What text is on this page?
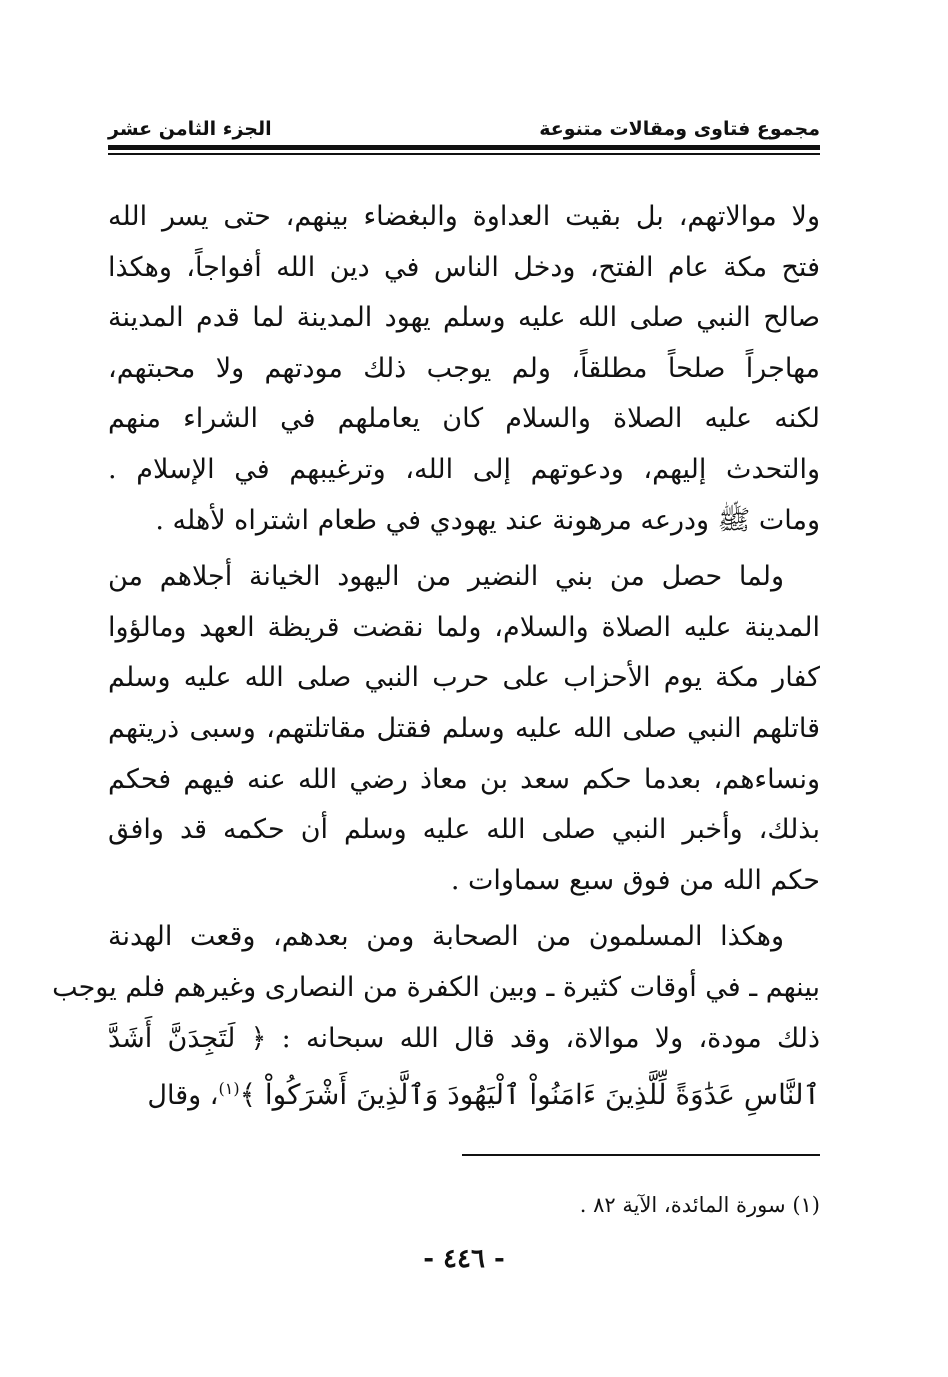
مجموع فتاوى ومقالات متنوعة
الجزء الثامن عشر
ولا موالاتهم، بل بقيت العداوة والبغضاء بينهم، حتى يسر الله
فتح مكة عام الفتح، ودخل الناس في دين الله أفواجاً، وهكذا
صالح النبي صلى الله عليه وسلم يهود المدينة لما قدم المدينة
مهاجراً صلحاً مطلقاً، ولم يوجب ذلك مودتهم ولا محبتهم،
لكنه عليه الصلاة والسلام كان يعاملهم في الشراء منهم
والتحدث إليهم، ودعوتهم إلى الله، وترغيبهم في الإسلام .
ومات ﷺ ودرعه مرهونة عند يهودي في طعام اشتراه لأهله .
ولما حصل من بني النضير من اليهود الخيانة أجلاهم من
المدينة عليه الصلاة والسلام، ولما نقضت قريظة العهد ومالؤوا
كفار مكة يوم الأحزاب على حرب النبي صلى الله عليه وسلم
قاتلهم النبي صلى الله عليه وسلم فقتل مقاتلتهم، وسبى ذريتهم
ونساءهم، بعدما حكم سعد بن معاذ رضي الله عنه فيهم فحكم
بذلك، وأخبر النبي صلى الله عليه وسلم أن حكمه قد وافق
حكم الله من فوق سبع سماوات .
وهكذا المسلمون من الصحابة ومن بعدهم، وقعت الهدنة
بينهم ـ في أوقات كثيرة ـ وبين الكفرة من النصارى وغيرهم فلم يوجب
ذلك مودة، ولا موالاة، وقد قال الله سبحانه : ﴿ لَتَجِدَنَّ أَشَدَّ
ٱلنَّاسِ عَدَٰوَةً لِّلَّذِينَ ءَامَنُواْ ٱلْيَهُودَ وَٱلَّذِينَ أَشْرَكُواْ ﴾$^{(١)}$، وقال
(١) سورة المائدة، الآية ٨٢ .
- ٤٤٦ -
